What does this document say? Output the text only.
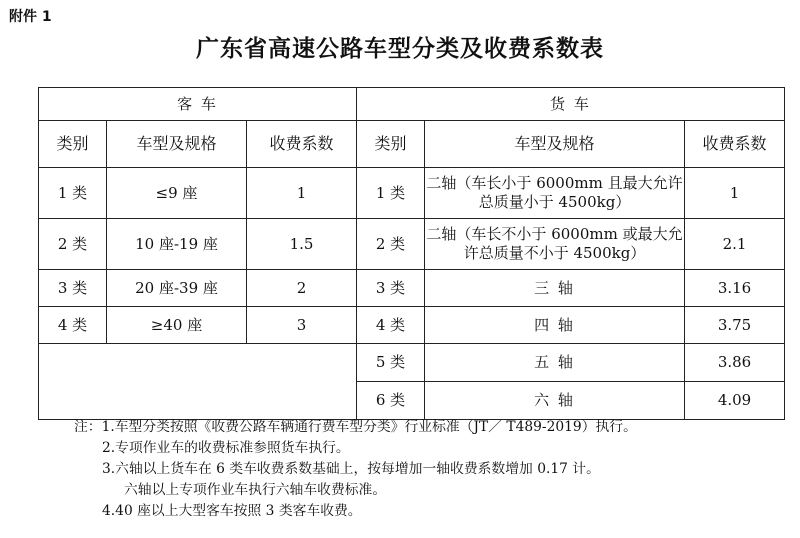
附件 1
广东省高速公路车型分类及收费系数表
客 车			货 车		
类别	车型及规格	收费系数	类别	车型及规格	收费系数
1 类	≤9 座	1	1 类	二轴（车长小于 6000mm 且最大允许总质量小于 4500kg）	1
2 类	10 座-19 座	1.5	2 类	二轴（车长不小于 6000mm 或最大允许总质量不小于 4500kg）	2.1
3 类	20 座-39 座	2	3 类	三 轴	3.16
4 类	≥40 座	3	4 类	四 轴	3.75
			5 类	五 轴	3.86
			6 类	六 轴	4.09
注：1.车型分类按照《收费公路车辆通行费车型分类》行业标准（JT／ T489-2019）执行。
2.专项作业车的收费标准参照货车执行。
3.六轴以上货车在 6 类车收费系数基础上，按每增加一轴收费系数增加 0.17 计。
六轴以上专项作业车执行六轴车收费标准。
4.40 座以上大型客车按照 3 类客车收费。
